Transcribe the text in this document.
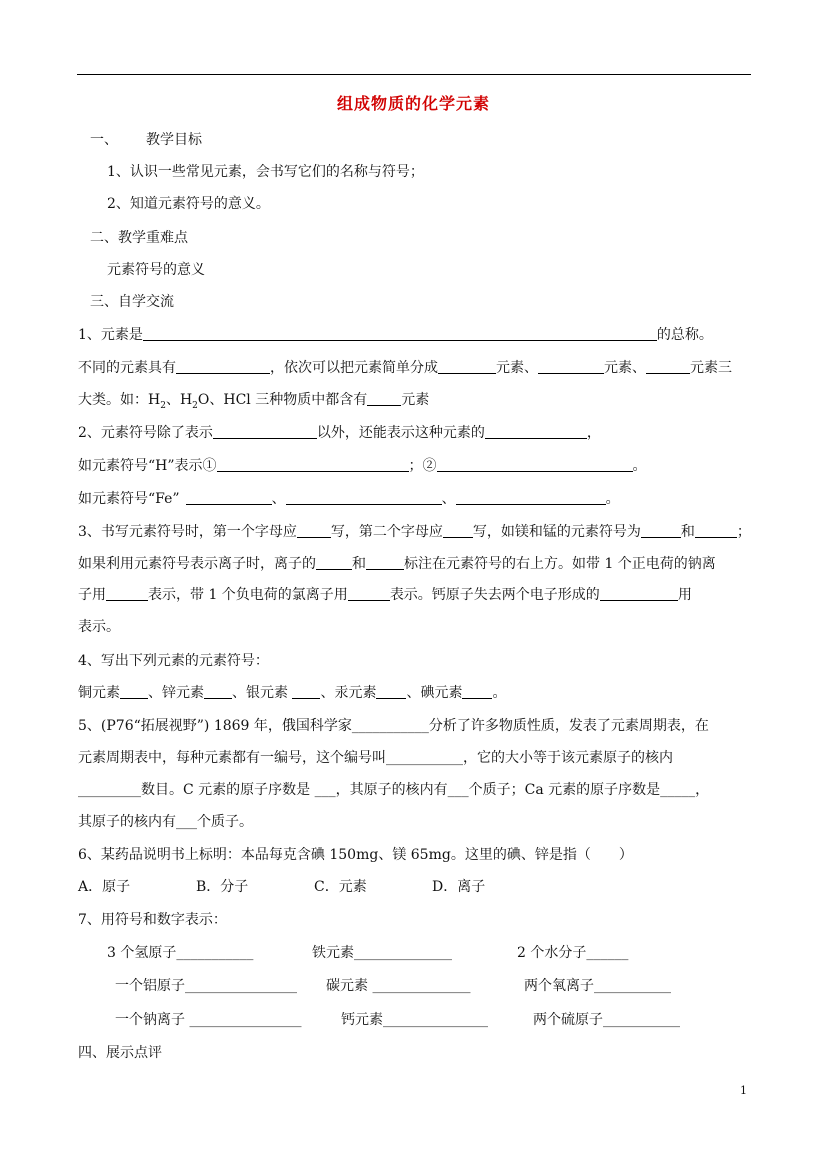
组成物质的化学元素
一、 教学目标
1、认识一些常见元素，会书写它们的名称与符号；
2、知道元素符号的意义。
二、教学重难点
元素符号的意义
三、自学交流
1、元素是	的总称。
不同的元素具有	，依次可以把元素简单分成	元素、	元素、	元素三
大类。如：$H_2$、$H_2O$、HCl 三种物质中都含有 元素
2、元素符号除了表示	以外，还能表示这种元素的	，
如元素符号“H”表示①	；②	。
如元素符号“Fe”	、	、	。
3、书写元素符号时，第一个字母应 写，第二个字母应 写，如镁和锰的元素符号为	和	；
如果利用元素符号表示离子时，离子的	和	标注在元素符号的右上方。如带 1 个正电荷的钠离
子用	表示，带 1 个负电荷的氯离子用	表示。钙原子失去两个电子形成的	用
表示。
4、写出下列元素的元素符号：
铜元素 、锌元素 、银元素 、汞元素 、碘元素 。
5、(P76“拓展视野”) 1869 年，俄国科学家___________分析了许多物质性质，发表了元素周期表，在
元素周期表中，每种元素都有一编号，这个编号叫___________，它的大小等于该元素原子的核内
_________数目。C 元素的原子序数是 ___，其原子的核内有___个质子；Ca 元素的原子序数是_____，
其原子的核内有___个质子。
6、某药品说明书上标明：本品每克含碘 150mg、镁 65mg。这里的碘、锌是指（　　）
A．原子	B．分子	C．元素	D．离子
7、用符号和数字表示：
3 个氢原子___________	铁元素______________	2 个水分子______
一个铝原子________________ 碳元素 ______________	两个氧离子___________
一个钠离子 ________________	钙元素_______________	两个硫原子___________
四、展示点评
1
